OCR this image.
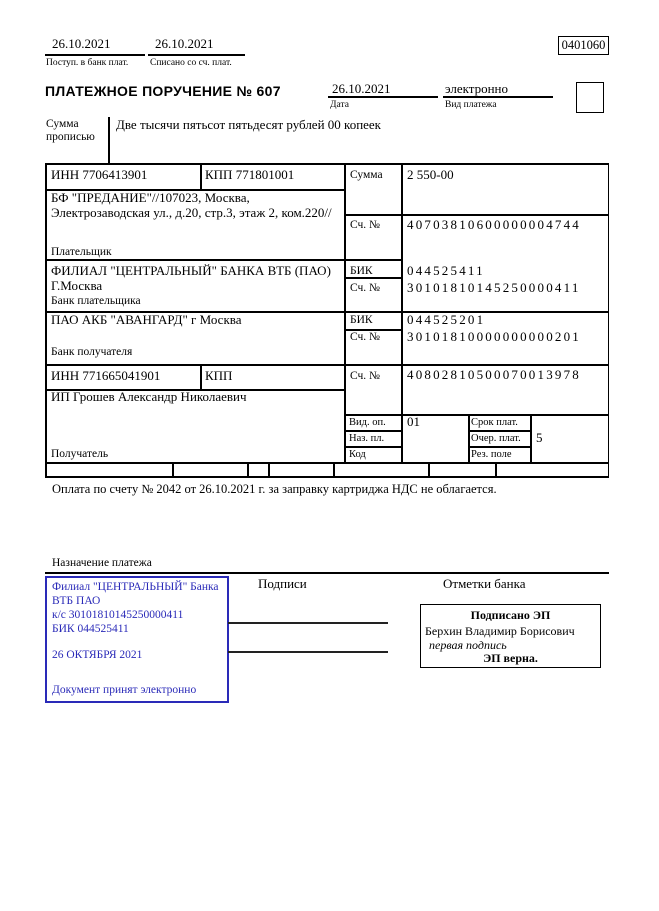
26.10.2021
Поступ. в банк плат.
26.10.2021
Списано со сч. плат.
0401060
ПЛАТЕЖНОЕ ПОРУЧЕНИЕ № 607	26.10.2021
Дата
электронно
Вид платежа
Сумма прописью
Две тысячи пятьсот пятьдесят рублей 00 копеек
ИНН 7706413901	КПП 771801001	Сумма 2 550-00
БФ "ПРЕДАНИЕ"//107023, Москва, Электрозаводская ул., д.20, стр.3, этаж 2, ком.220//
Плательщик
Сч. № 40703810600000004744
ФИЛИАЛ "ЦЕНТРАЛЬНЫЙ" БАНКА ВТБ (ПАО) Г.Москва
Банк плательщика
БИК	044525411
Сч. № 30101810145250000411
ПАО АКБ "АВАНГАРД" г Москва
Банк получателя
БИК	044525201
Сч. № 30101810000000000201
ИНН 771665041901	КПП	Сч. № 40802810500070013978
ИП Грошев Александр Николаевич
Получатель
Вид. оп. 01
Наз. пл.
Код
Срок плат.
Очер. плат. 5
Рез. поле
Оплата по счету № 2042 от 26.10.2021 г. за заправку картриджа НДС не облагается.
Назначение платежа
Подписи	Отметки банка
Филиал "ЦЕНТРАЛЬНЫЙ" Банка
ВТБ ПАО
к/с 30101810145250000411
БИК 044525411
26 ОКТЯБРЯ 2021
Документ принят электронно
Подписано ЭП
Берхин Владимир Борисович
первая подпись
ЭП верна.
